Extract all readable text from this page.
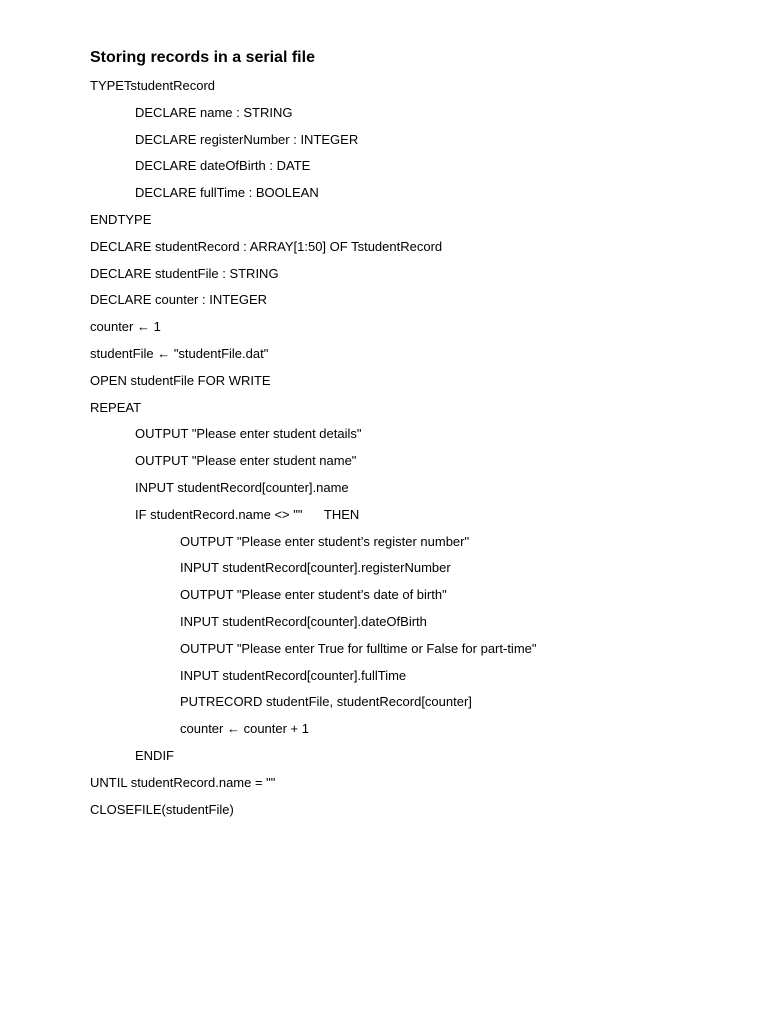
Storing records in a serial file
TYPETstudentRecord
DECLARE name : STRING
DECLARE registerNumber : INTEGER
DECLARE dateOfBirth : DATE
DECLARE fullTime : BOOLEAN
ENDTYPE
DECLARE studentRecord : ARRAY[1:50] OF TstudentRecord
DECLARE studentFile : STRING
DECLARE counter : INTEGER
counter ← 1
studentFile ← "studentFile.dat"
OPEN studentFile FOR WRITE
REPEAT
OUTPUT "Please enter student details"
OUTPUT "Please enter student name"
INPUT studentRecord[counter].name
IF studentRecord.name <> ""      THEN
OUTPUT "Please enter student’s register number"
INPUT studentRecord[counter].registerNumber
OUTPUT "Please enter student’s date of birth"
INPUT studentRecord[counter].dateOfBirth
OUTPUT "Please enter True for fulltime or False for part-time"
INPUT studentRecord[counter].fullTime
PUTRECORD studentFile, studentRecord[counter]
counter ← counter + 1
ENDIF
UNTIL studentRecord.name = ""
CLOSEFILE(studentFile)
